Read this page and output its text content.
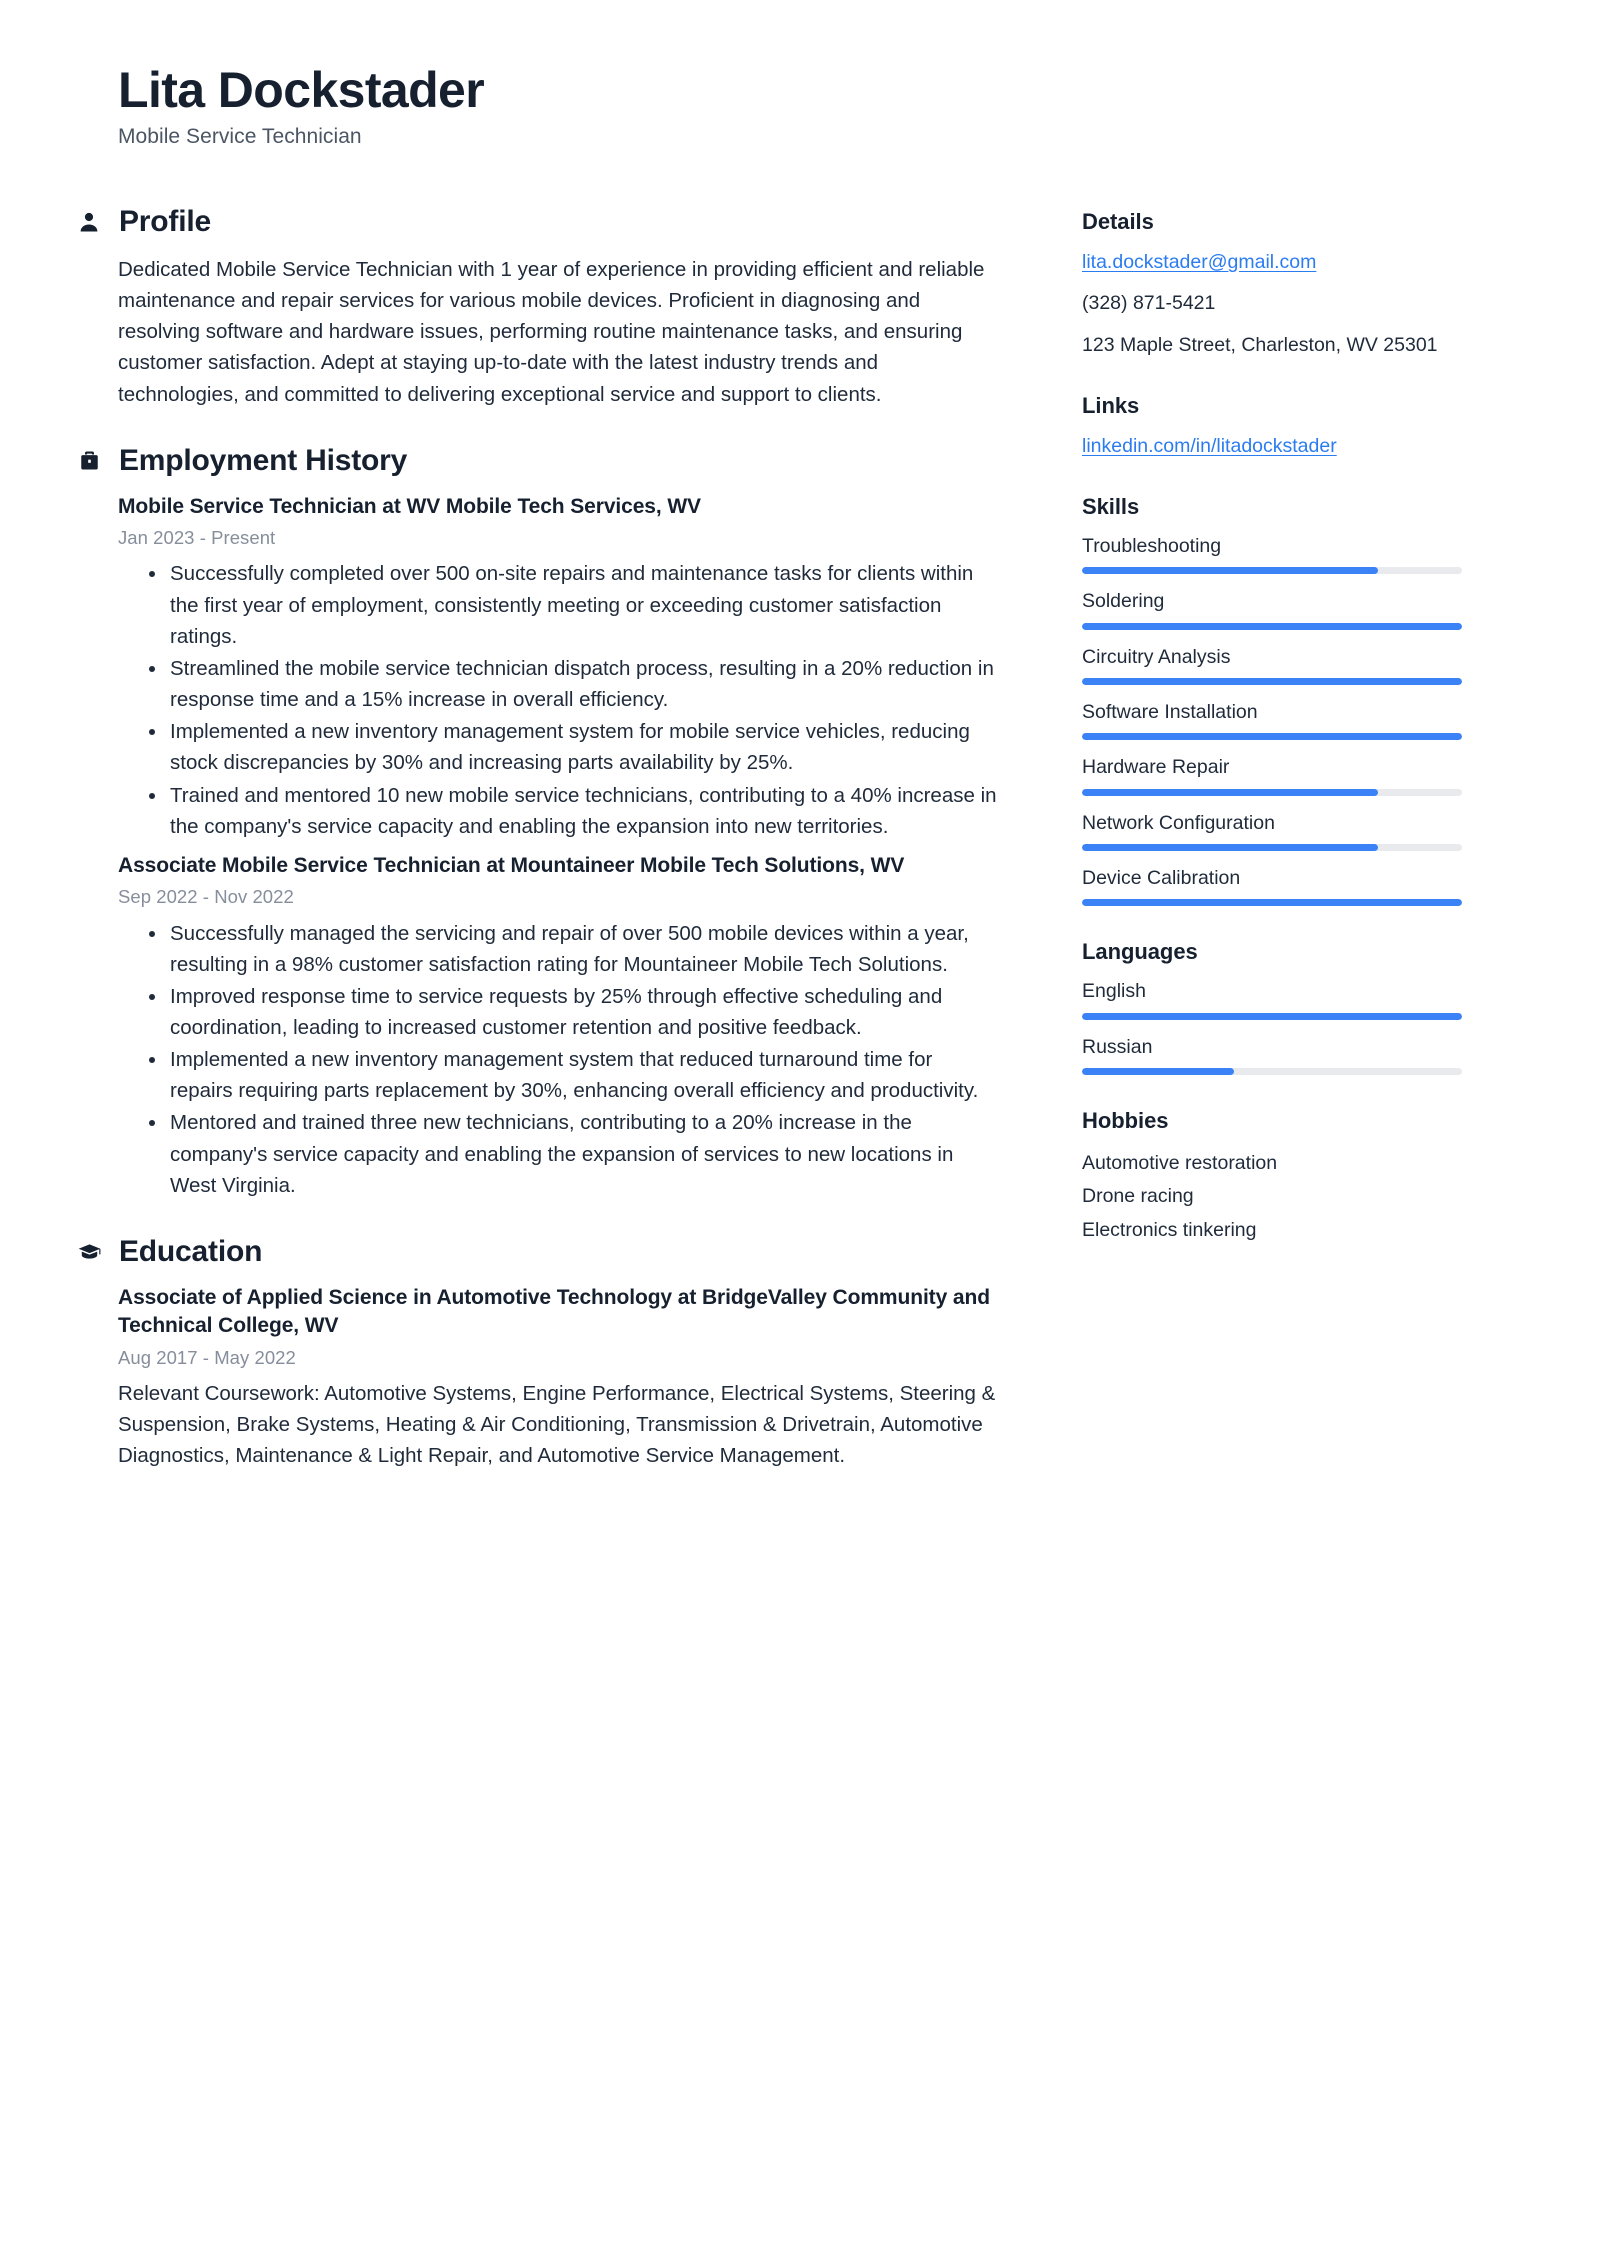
Lita Dockstader
Mobile Service Technician
Profile

Dedicated Mobile Service Technician with 1 year of experience in providing efficient and reliable maintenance and repair services for various mobile devices. Proficient in diagnosing and resolving software and hardware issues, performing routine maintenance tasks, and ensuring customer satisfaction. Adept at staying up-to-date with the latest industry trends and technologies, and committed to delivering exceptional service and support to clients.

Employment History
Mobile Service Technician at WV Mobile Tech Services, WV
Jan 2023 - Present
Successfully completed over 500 on-site repairs and maintenance tasks for clients within the first year of employment, consistently meeting or exceeding customer satisfaction ratings.
Streamlined the mobile service technician dispatch process, resulting in a 20% reduction in response time and a 15% increase in overall efficiency.
Implemented a new inventory management system for mobile service vehicles, reducing stock discrepancies by 30% and increasing parts availability by 25%.
Trained and mentored 10 new mobile service technicians, contributing to a 40% increase in the company's service capacity and enabling the expansion into new territories.
Associate Mobile Service Technician at Mountaineer Mobile Tech Solutions, WV
Sep 2022 - Nov 2022
Successfully managed the servicing and repair of over 500 mobile devices within a year, resulting in a 98% customer satisfaction rating for Mountaineer Mobile Tech Solutions.
Improved response time to service requests by 25% through effective scheduling and coordination, leading to increased customer retention and positive feedback.
Implemented a new inventory management system that reduced turnaround time for repairs requiring parts replacement by 30%, enhancing overall efficiency and productivity.
Mentored and trained three new technicians, contributing to a 20% increase in the company's service capacity and enabling the expansion of services to new locations in West Virginia.
Education
Associate of Applied Science in Automotive Technology at BridgeValley Community and Technical College, WV
Aug 2017 - May 2022
Relevant Coursework: Automotive Systems, Engine Performance, Electrical Systems, Steering & Suspension, Brake Systems, Heating & Air Conditioning, Transmission & Drivetrain, Automotive Diagnostics, Maintenance & Light Repair, and Automotive Service Management.
Details
lita.dockstader@gmail.com
(328) 871-5421
123 Maple Street, Charleston, WV 25301
Links
linkedin.com/in/litadockstader
Skills
Troubleshooting
Soldering
Circuitry Analysis
Software Installation
Hardware Repair
Network Configuration
Device Calibration
Languages
English
Russian
Hobbies
Automotive restoration
Drone racing
Electronics tinkering
